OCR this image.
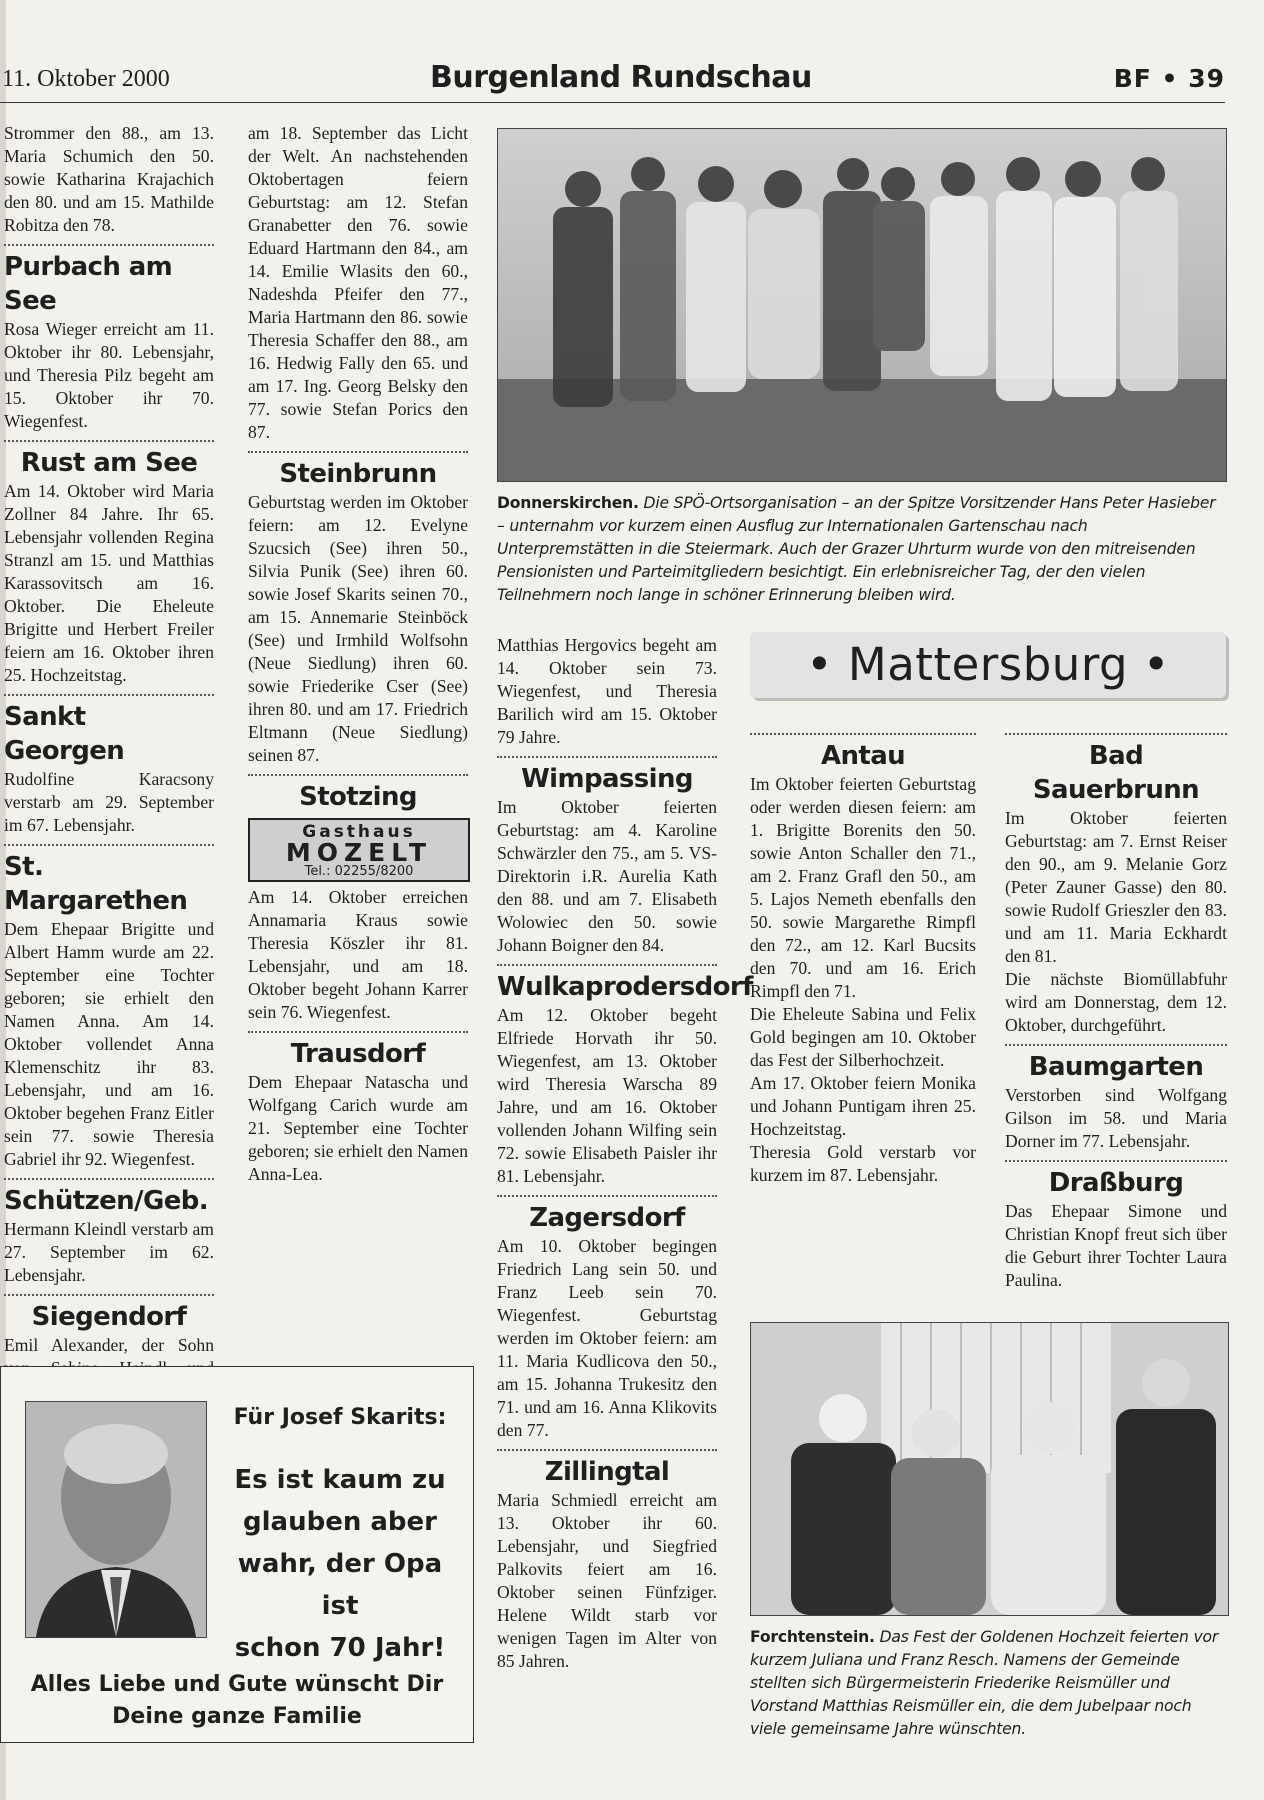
11. Oktober 2000	Burgenland Rundschau	BF • 39

Strommer den 88., am 13. Maria Schumich den 50. sowie Katharina Krajachich den 80. und am 15. Mathilde Robitza den 78.

Purbach am See

Rosa Wieger erreicht am 11. Oktober ihr 80. Lebensjahr, und Theresia Pilz begeht am 15. Oktober ihr 70. Wiegenfest.

Rust am See

Am 14. Oktober wird Maria Zollner 84 Jahre. Ihr 65. Lebensjahr vollenden Regina Stranzl am 15. und Matthias Karassovitsch am 16. Oktober. Die Eheleute Brigitte und Herbert Freiler feiern am 16. Oktober ihren 25. Hochzeitstag.

Sankt Georgen

Rudolfine Karacsony verstarb am 29. September im 67. Lebensjahr.

St. Margarethen

Dem Ehepaar Brigitte und Albert Hamm wurde am 22. September eine Tochter geboren; sie erhielt den Namen Anna. Am 14. Oktober vollendet Anna Klemenschitz ihr 83. Lebensjahr, und am 16. Oktober begehen Franz Eitler sein 77. sowie Theresia Gabriel ihr 92. Wiegenfest.

Schützen/Geb.

Hermann Kleindl verstarb am 27. September im 62. Lebensjahr.

Siegendorf

Emil Alexander, der Sohn

am 18. September das Licht der Welt. An nachstehenden Oktobertagen feiern Geburtstag: am 12. Stefan Granabetter den 76. sowie Eduard Hartmann den 84., am 14. Emilie Wlasits den 60., Nadeshda Pfeifer den 77., Maria Hartmann den 86. sowie Theresia Schaffer den 88., am 16. Hedwig Fally den 65. und am 17. Ing. Georg Belsky den 77. sowie Stefan Porics den 87.

Steinbrunn

Geburtstag werden im Oktober feiern: am 12. Evelyne Szucsich (See) ihren 50., Silvia Punik (See) ihren 60. sowie Josef Skarits seinen 70., am 15. Annemarie Steinböck (See) und Irmhild Wolfsohn (Neue Siedlung) ihren 60. sowie Friederike Cser (See) ihren 80. und am 17. Friedrich Eltmann (Neue Siedlung) seinen 87.

Stotzing
Gasthaus
MOZELT
Tel.: 02255/8200

Am 14. Oktober erreichen Annamaria Kraus sowie Theresia Köszler ihr 81. Lebensjahr, und am 18. Oktober begeht Johann Karrer sein 76. Wiegenfest.

Trausdorf

Dem Ehepaar Natascha und Wolfgang Carich wurde am 21. September eine Tochter geboren; sie erhielt den Namen Anna-Lea.

Donnerskirchen. Die SPÖ-Ortsorganisation – an der Spitze Vorsitzender Hans Peter Hasieber – unternahm vor kurzem einen Ausflug zur Internationalen Gartenschau nach Unterpremstätten in die Steiermark. Auch der Grazer Uhrturm wurde von den mitreisenden Pensionisten und Parteimitgliedern besichtigt. Ein erlebnisreicher Tag, der den vielen Teilnehmern noch lange in schöner Erinnerung bleiben wird.

Matthias Hergovics begeht am 14. Oktober sein 73. Wiegenfest, und Theresia Barilich wird am 15. Oktober 79 Jahre.

Wimpassing

Im Oktober feierten Geburtstag: am 4. Karoline Schwärzler den 75., am 5. VS-Direktorin i.R. Aurelia Kath den 88. und am 7. Elisabeth Wolowiec den 50. sowie Johann Boigner den 84.

Wulkaprodersdorf

Am 12. Oktober begeht Elfriede Horvath ihr 50. Wiegenfest, am 13. Oktober wird Theresia Warscha 89 Jahre, und am 16. Oktober vollenden Johann Wilfing sein 72. sowie Elisabeth Paisler ihr 81. Lebensjahr.

Zagersdorf

Am 10. Oktober begingen Friedrich Lang sein 50. und Franz Leeb sein 70. Wiegenfest. Geburtstag werden im Oktober feiern: am 11. Maria Kudlicova den 50., am 15. Johanna Trukesitz den 71. und am 16. Anna Klikovits den 77.

Zillingtal

Maria Schmiedl erreicht am 13. Oktober ihr 60. Lebensjahr, und Siegfried Palkovits feiert am 16. Oktober seinen Fünfziger. Helene Wildt starb vor wenigen Tagen im Alter von 85 Jahren.

• Mattersburg •
Antau

Im Oktober feierten Geburtstag oder werden diesen feiern: am 1. Brigitte Borenits den 50. sowie Anton Schaller den 71., am 2. Franz Grafl den 50., am 5. Lajos Nemeth ebenfalls den 50. sowie Margarethe Rimpfl den 72., am 12. Karl Bucsits den 70. und am 16. Erich Rimpfl den 71.

Die Eheleute Sabina und Felix Gold begingen am 10. Oktober das Fest der Silberhochzeit.

Am 17. Oktober feiern Monika und Johann Puntigam ihren 25. Hochzeitstag.

Theresia Gold verstarb vor kurzem im 87. Lebensjahr.

Bad Sauerbrunn

Im Oktober feierten Geburtstag: am 7. Ernst Reiser den 90., am 9. Melanie Gorz (Peter Zauner Gasse) den 80. sowie Rudolf Grieszler den 83. und am 11. Maria Eckhardt den 81.

Die nächste Biomüllabfuhr wird am Donnerstag, dem 12. Oktober, durchgeführt.

Baumgarten

Verstorben sind Wolfgang Gilson im 58. und Maria Dorner im 77. Lebensjahr.

Draßburg

Das Ehepaar Simone und Christian Knopf freut sich über die Geburt ihrer Tochter Laura Paulina.

Forchtenstein. Das Fest der Goldenen Hochzeit feierten vor kurzem Juliana und Franz Resch. Namens der Gemeinde stellten sich Bürgermeisterin Friederike Reismüller und Vorstand Matthias Reismüller ein, die dem Jubelpaar noch viele gemeinsame Jahre wünschten.
Für Josef Skarits:
Es ist kaum zu
glauben aber
wahr, der Opa ist
schon 70 Jahr!
Alles Liebe und Gute wünscht Dir
Deine ganze Familie
